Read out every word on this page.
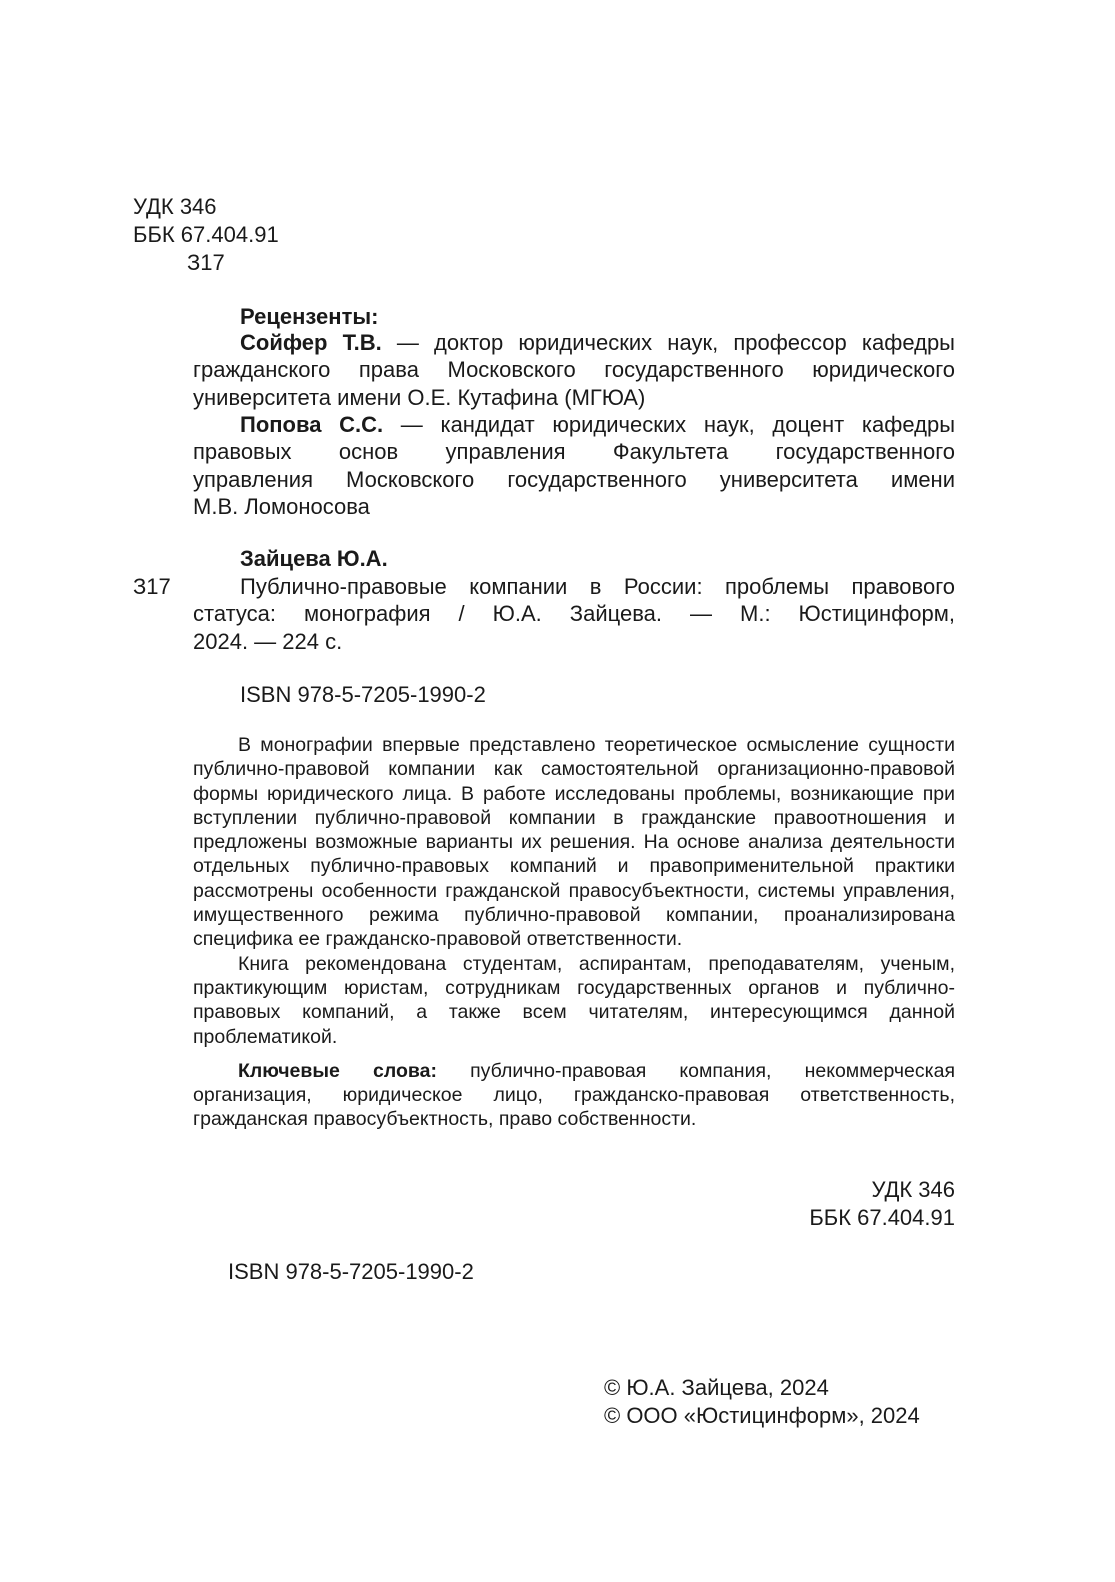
УДК 346
ББК 67.404.91
З17
Рецензенты:

Сойфер Т.В. — доктор юридических наук, профессор кафедры

гражданского права Московского государственного юридического

университета имени О.Е. Кутафина (МГЮА)

Попова С.С. — кандидат юридических наук, доцент кафедры

правовых основ управления Факультета государственного

управления Московского государственного университета имени

М.В. Ломоносова

Зайцева Ю.А.
З17	Публично-правовые компании в России: проблемы правового

статуса: монография / Ю.А. Зайцева. — М.: Юстицинформ,

2024. — 224 с.

ISBN 978-5-7205-1990-2

В монографии впервые представлено теоретическое осмысление сущности публично-правовой компании как самостоятельной организационно-правовой формы юридического лица. В работе исследованы проблемы, возникающие при вступлении публично-правовой компании в гражданские правоотношения и предложены возможные варианты их решения. На основе анализа деятельности отдельных публично-правовых компаний и правоприменительной практики рассмотрены особенности гражданской правосубъектности, системы управления, имущественного режима публично-правовой компании, проанализирована специфика ее гражданско-правовой ответственности.

Книга рекомендована студентам, аспирантам, преподавателям, ученым, практикующим юристам, сотрудникам государственных органов и публично-правовых компаний, а также всем читателям, интересующимся данной проблематикой.

Ключевые слова: публично-правовая компания, некоммерческая организация, юридическое лицо, гражданско-правовая ответственность, гражданская правосубъектность, право собственности.

УДК 346
ББК 67.404.91
ISBN 978-5-7205-1990-2
© Ю.А. Зайцева, 2024
© ООО «Юстицинформ», 2024
